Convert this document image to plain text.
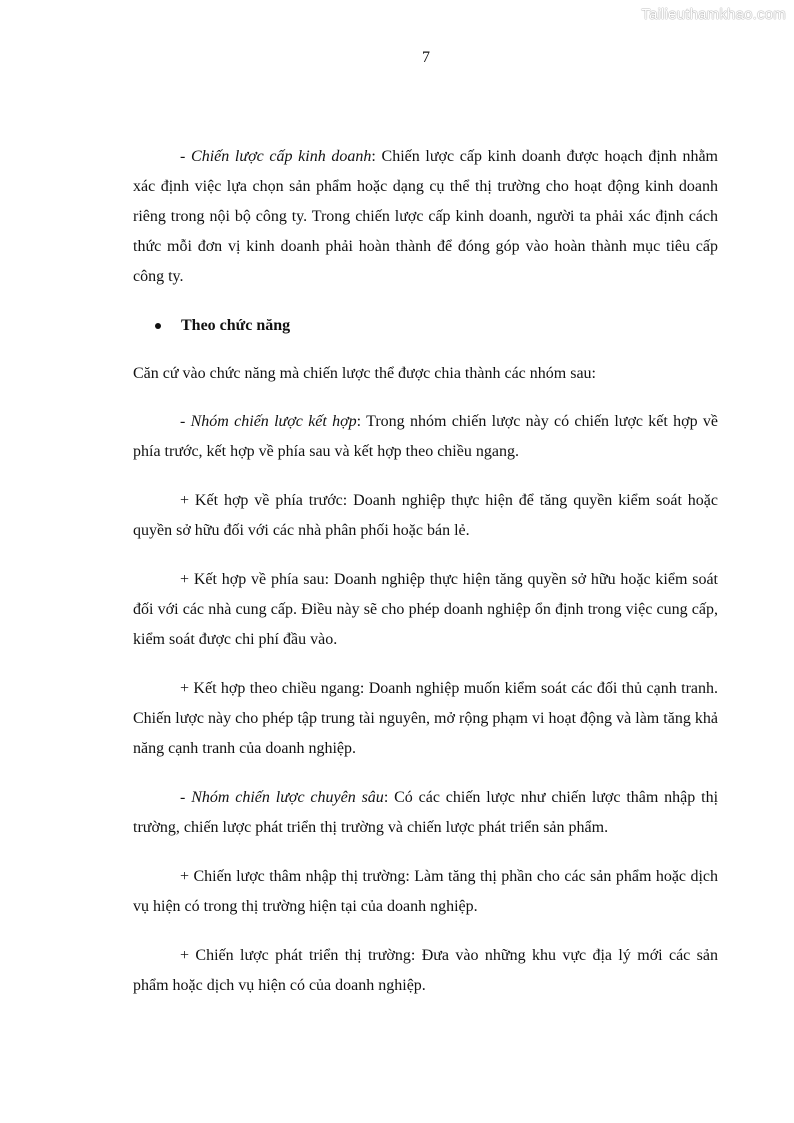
Tailieuthamkhao.com
7

- Chiến lược cấp kinh doanh: Chiến lược cấp kinh doanh được hoạch định nhằm xác định việc lựa chọn sản phẩm hoặc dạng cụ thể thị trường cho hoạt động kinh doanh riêng trong nội bộ công ty. Trong chiến lược cấp kinh doanh, người ta phải xác định cách thức mỗi đơn vị kinh doanh phải hoàn thành để đóng góp vào hoàn thành mục tiêu cấp công ty.

Theo chức năng

Căn cứ vào chức năng mà chiến lược thể được chia thành các nhóm sau:

- Nhóm chiến lược kết hợp: Trong nhóm chiến lược này có chiến lược kết hợp về phía trước, kết hợp về phía sau và kết hợp theo chiều ngang.

+ Kết hợp về phía trước: Doanh nghiệp thực hiện để tăng quyền kiểm soát hoặc quyền sở hữu đối với các nhà phân phối hoặc bán lẻ.

+ Kết hợp về phía sau: Doanh nghiệp thực hiện tăng quyền sở hữu hoặc kiểm soát đối với các nhà cung cấp. Điều này sẽ cho phép doanh nghiệp ổn định trong việc cung cấp, kiểm soát được chi phí đầu vào.

+ Kết hợp theo chiều ngang: Doanh nghiệp muốn kiểm soát các đối thủ cạnh tranh. Chiến lược này cho phép tập trung tài nguyên, mở rộng phạm vi hoạt động và làm tăng khả năng cạnh tranh của doanh nghiệp.

- Nhóm chiến lược chuyên sâu: Có các chiến lược như chiến lược thâm nhập thị trường, chiến lược phát triển thị trường và chiến lược phát triển sản phẩm.

+ Chiến lược thâm nhập thị trường: Làm tăng thị phần cho các sản phẩm hoặc dịch vụ hiện có trong thị trường hiện tại của doanh nghiệp.

+ Chiến lược phát triển thị trường: Đưa vào những khu vực địa lý mới các sản phẩm hoặc dịch vụ hiện có của doanh nghiệp.
